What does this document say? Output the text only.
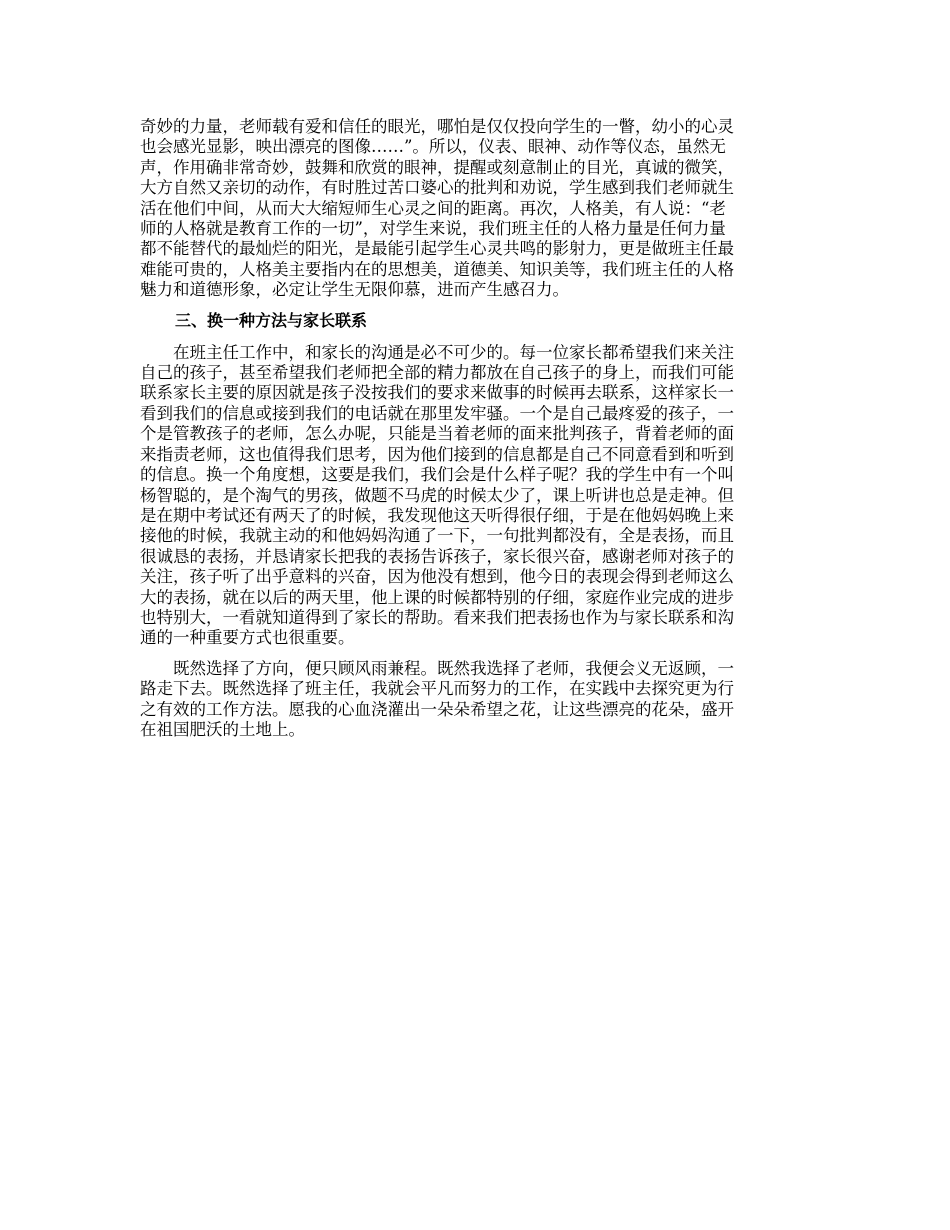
奇妙的力量，老师载有爱和信任的眼光，哪怕是仅仅投向学生的一瞥，幼小的心灵
也会感光显影，映出漂亮的图像……”。所以，仪表、眼神、动作等仪态，虽然无
声，作用确非常奇妙，鼓舞和欣赏的眼神，提醒或刻意制止的目光，真诚的微笑，
大方自然又亲切的动作，有时胜过苦口婆心的批判和劝说，学生感到我们老师就生
活在他们中间，从而大大缩短师生心灵之间的距离。再次，人格美，有人说：“老
师的人格就是教育工作的一切”，对学生来说，我们班主任的人格力量是任何力量
都不能替代的最灿烂的阳光，是最能引起学生心灵共鸣的影射力，更是做班主任最
难能可贵的，人格美主要指内在的思想美，道德美、知识美等，我们班主任的人格
魅力和道德形象，必定让学生无限仰慕，进而产生感召力。

三、换一种方法与家长联系

　　在班主任工作中，和家长的沟通是必不可少的。每一位家长都希望我们来关注
自己的孩子，甚至希望我们老师把全部的精力都放在自己孩子的身上，而我们可能
联系家长主要的原因就是孩子没按我们的要求来做事的时候再去联系，这样家长一
看到我们的信息或接到我们的电话就在那里发牢骚。一个是自己最疼爱的孩子，一
个是管教孩子的老师，怎么办呢，只能是当着老师的面来批判孩子，背着老师的面
来指责老师，这也值得我们思考，因为他们接到的信息都是自己不同意看到和听到
的信息。换一个角度想，这要是我们，我们会是什么样子呢？我的学生中有一个叫
杨智聪的，是个淘气的男孩，做题不马虎的时候太少了，课上听讲也总是走神。但
是在期中考试还有两天了的时候，我发现他这天听得很仔细，于是在他妈妈晚上来
接他的时候，我就主动的和他妈妈沟通了一下，一句批判都没有，全是表扬，而且
很诚恳的表扬，并恳请家长把我的表扬告诉孩子，家长很兴奋，感谢老师对孩子的
关注，孩子听了出乎意料的兴奋，因为他没有想到，他今日的表现会得到老师这么
大的表扬，就在以后的两天里，他上课的时候都特别的仔细，家庭作业完成的进步
也特别大，一看就知道得到了家长的帮助。看来我们把表扬也作为与家长联系和沟
通的一种重要方式也很重要。

　　既然选择了方向，便只顾风雨兼程。既然我选择了老师，我便会义无返顾，一
路走下去。既然选择了班主任，我就会平凡而努力的工作，在实践中去探究更为行
之有效的工作方法。愿我的心血浇灌出一朵朵希望之花，让这些漂亮的花朵，盛开
在祖国肥沃的土地上。
